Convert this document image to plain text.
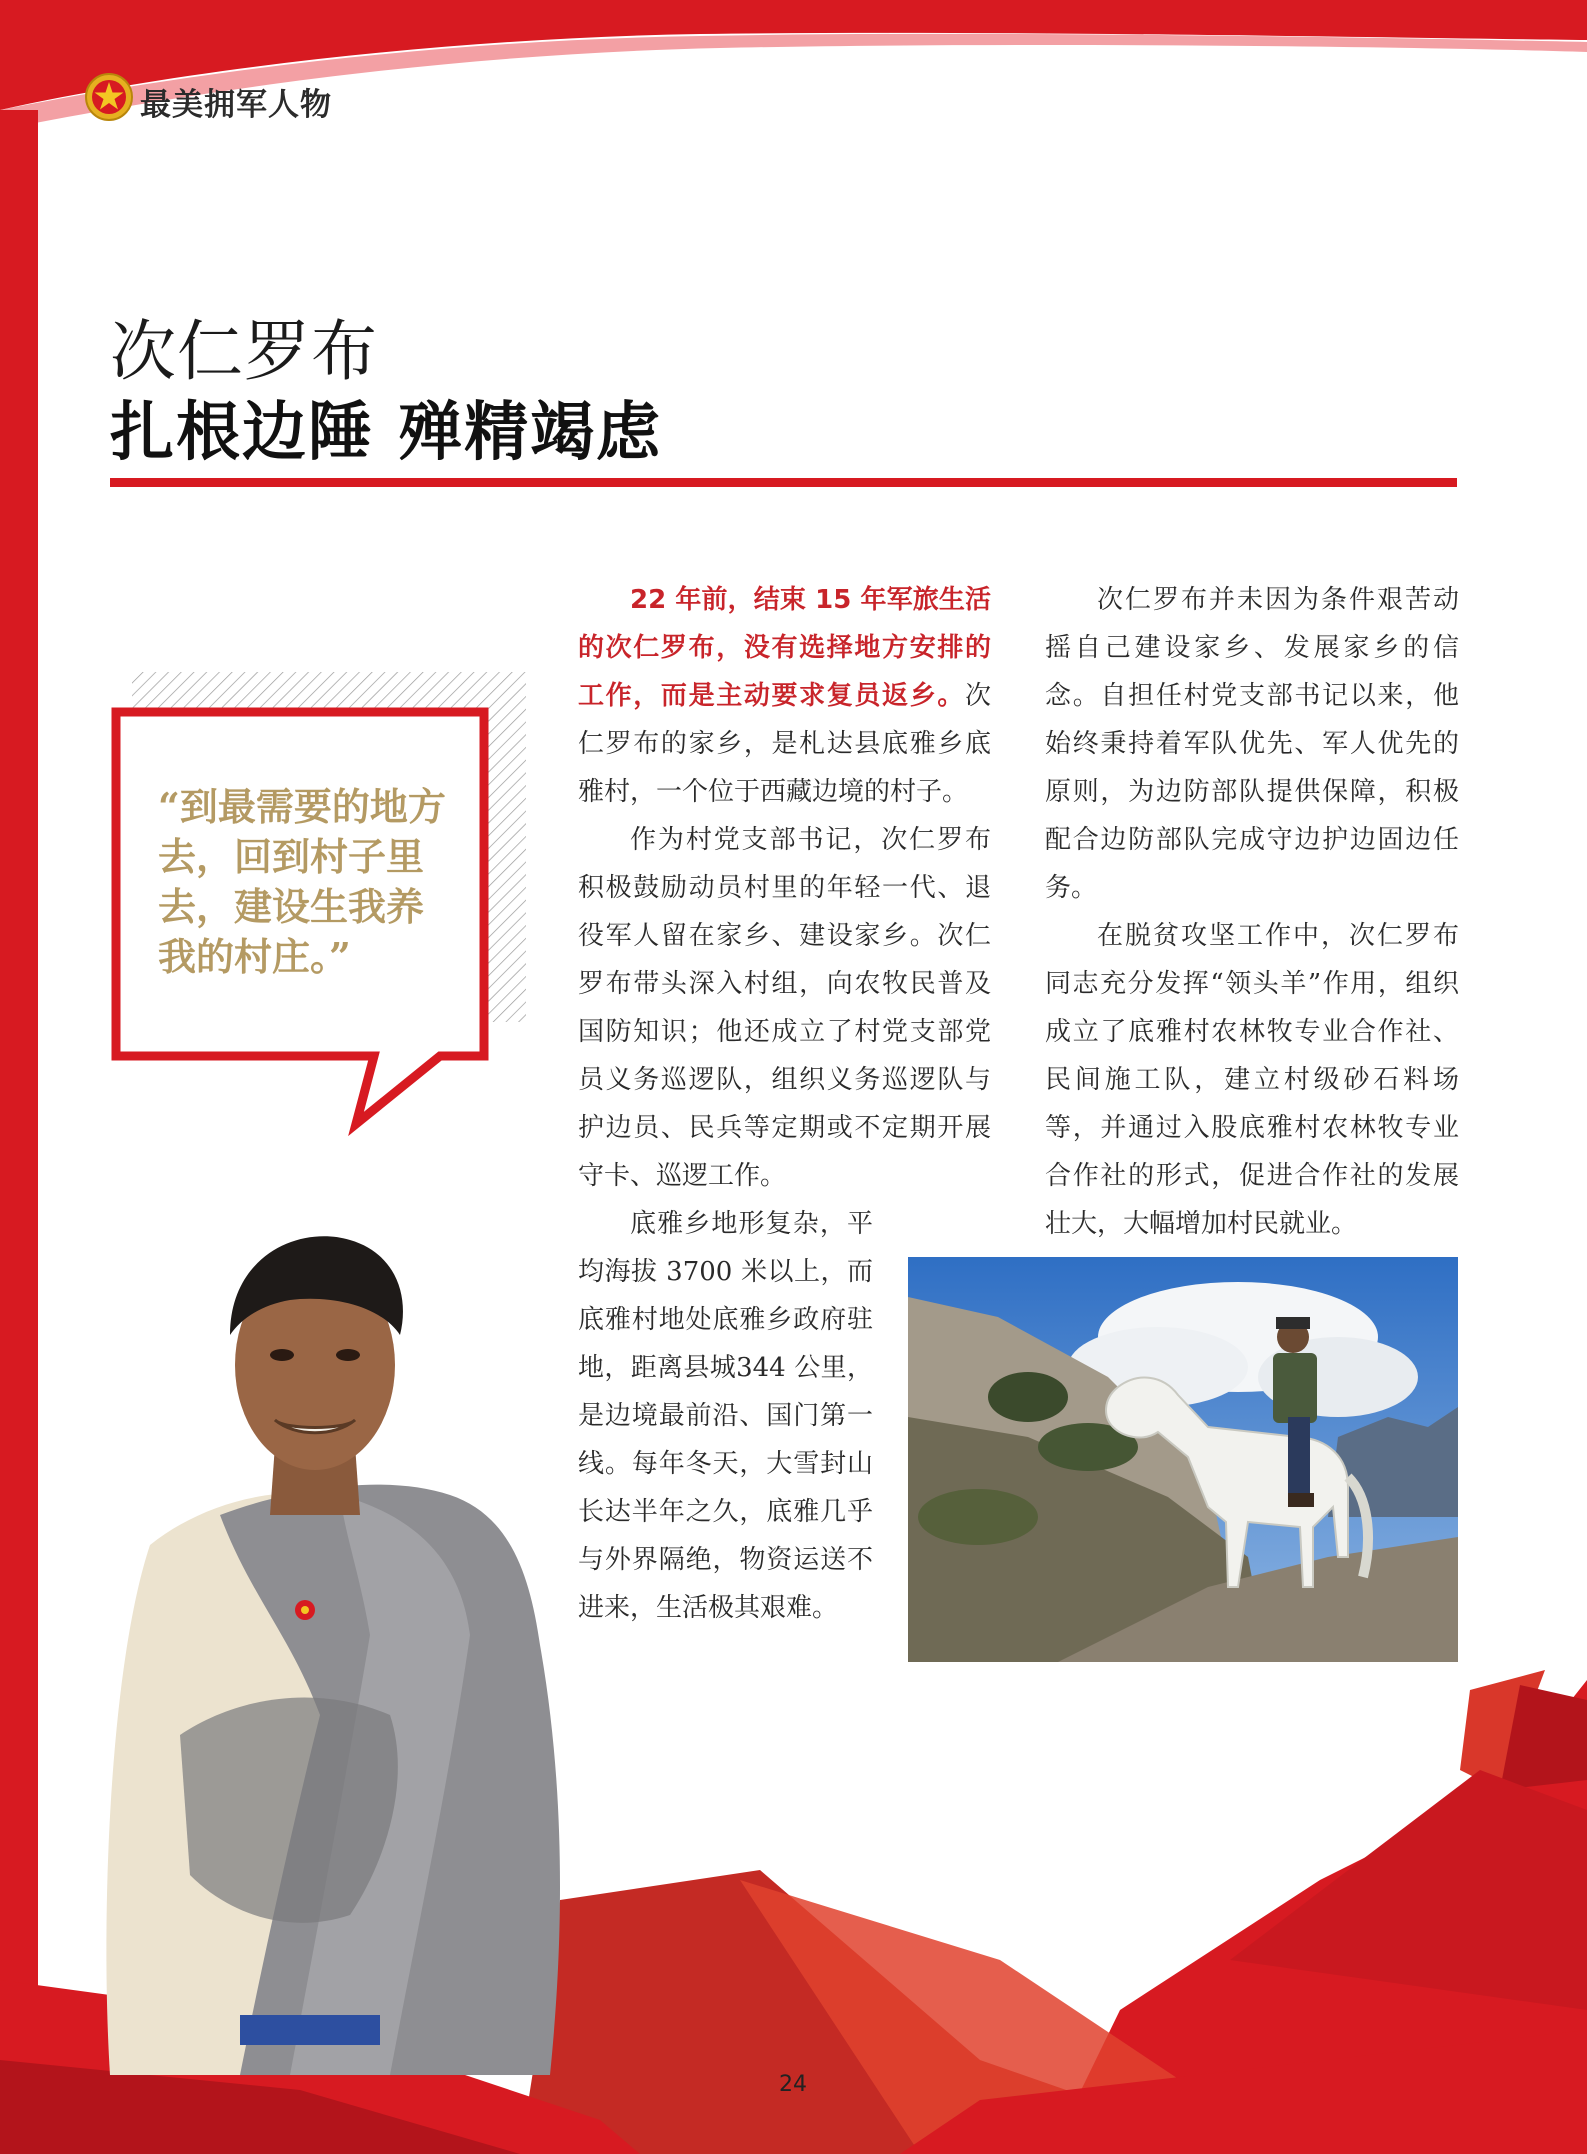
最美拥军人物
次仁罗布
扎根边陲 殚精竭虑
“到最需要的地方去，回到村子里去，建设生我养我的村庄。”

22 年前，结束 15 年军旅生活的次仁罗布，没有选择地方安排的工作，而是主动要求复员返乡。次仁罗布的家乡，是札达县底雅乡底雅村，一个位于西藏边境的村子。

作为村党支部书记，次仁罗布积极鼓励动员村里的年轻一代、退役军人留在家乡、建设家乡。次仁罗布带头深入村组，向农牧民普及国防知识；他还成立了村党支部党员义务巡逻队，组织义务巡逻队与护边员、民兵等定期或不定期开展守卡、巡逻工作。

次仁罗布并未因为条件艰苦动摇自己建设家乡、发展家乡的信念。自担任村党支部书记以来，他始终秉持着军队优先、军人优先的原则，为边防部队提供保障，积极配合边防部队完成守边护边固边任务。

在脱贫攻坚工作中，次仁罗布同志充分发挥“领头羊”作用，组织成立了底雅村农林牧专业合作社、民间施工队，建立村级砂石料场等，并通过入股底雅村农林牧专业合作社的形式，促进合作社的发展壮大，大幅增加村民就业。

底雅乡地形复杂，平均海拔 3700 米以上，而底雅村地处底雅乡政府驻地，距离县城344 公里，是边境最前沿、国门第一线。每年冬天，大雪封山长达半年之久，底雅几乎与外界隔绝，物资运送不进来，生活极其艰难。

24
